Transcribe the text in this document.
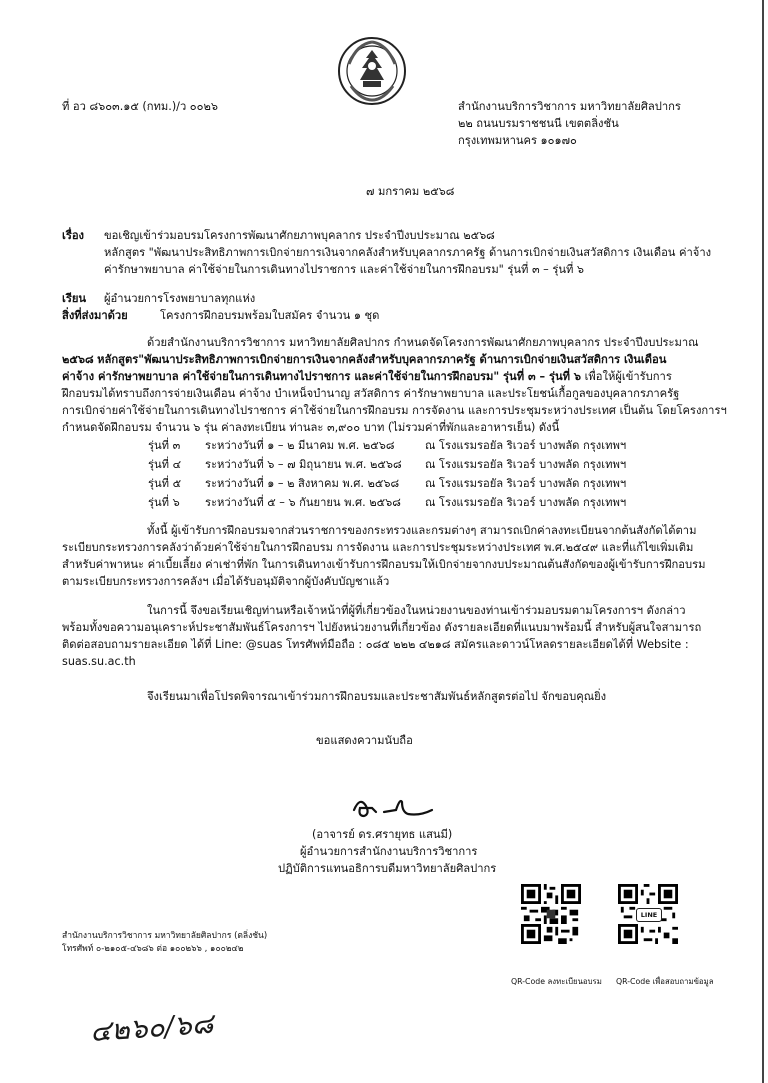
ที่ อว ๘๖๐๓.๑๕ (กทม.)/ว ๐๐๒๖	สำนักงานบริการวิชาการ มหาวิทยาลัยศิลปากร
๒๒ ถนนบรมราชชนนี เขตตลิ่งชัน
กรุงเทพมหานคร ๑๐๑๗๐
๗ มกราคม ๒๕๖๘
เรื่อง ขอเชิญเข้าร่วมอบรมโครงการพัฒนาศักยภาพบุคลากร ประจำปีงบประมาณ ๒๕๖๘
หลักสูตร "พัฒนาประสิทธิภาพการเบิกจ่ายการเงินจากคลังสำหรับบุคลากรภาครัฐ ด้านการเบิกจ่ายเงินสวัสดิการ เงินเดือน ค่าจ้าง
ค่ารักษาพยาบาล ค่าใช้จ่ายในการเดินทางไปราชการ และค่าใช้จ่ายในการฝึกอบรม" รุ่นที่ ๓ – รุ่นที่ ๖
เรียน ผู้อำนวยการโรงพยาบาลทุกแห่ง
สิ่งที่ส่งมาด้วย	โครงการฝึกอบรมพร้อมใบสมัคร จำนวน ๑ ชุด
ด้วยสำนักงานบริการวิชาการ มหาวิทยาลัยศิลปากร กำหนดจัดโครงการพัฒนาศักยภาพบุคลากร ประจำปีงบประมาณ
๒๕๖๘ หลักสูตร"พัฒนาประสิทธิภาพการเบิกจ่ายการเงินจากคลังสำหรับบุคลากรภาครัฐ ด้านการเบิกจ่ายเงินสวัสดิการ เงินเดือน
ค่าจ้าง ค่ารักษาพยาบาล ค่าใช้จ่ายในการเดินทางไปราชการ และค่าใช้จ่ายในการฝึกอบรม" รุ่นที่ ๓ – รุ่นที่ ๖ เพื่อให้ผู้เข้ารับการ
ฝึกอบรมได้ทราบถึงการจ่ายเงินเดือน ค่าจ้าง บำเหน็จบำนาญ สวัสดิการ ค่ารักษาพยาบาล และประโยชน์เกื้อกูลของบุคลากรภาครัฐ
การเบิกจ่ายค่าใช้จ่ายในการเดินทางไปราชการ ค่าใช้จ่ายในการฝึกอบรม การจัดงาน และการประชุมระหว่างประเทศ เป็นต้น โดยโครงการฯ
กำหนดจัดฝึกอบรม จำนวน ๖ รุ่น ค่าลงทะเบียน ท่านละ ๓,๙๐๐ บาท (ไม่รวมค่าที่พักและอาหารเย็น) ดังนี้
รุ่นที่ ๓ ระหว่างวันที่ ๑ – ๒ มีนาคม พ.ศ. ๒๕๖๘	ณ โรงแรมรอยัล ริเวอร์ บางพลัด กรุงเทพฯ
รุ่นที่ ๔ ระหว่างวันที่ ๖ – ๗ มิถุนายน พ.ศ. ๒๕๖๘ ณ โรงแรมรอยัล ริเวอร์ บางพลัด กรุงเทพฯ
รุ่นที่ ๕ ระหว่างวันที่ ๑ – ๒ สิงหาคม พ.ศ. ๒๕๖๘ ณ โรงแรมรอยัล ริเวอร์ บางพลัด กรุงเทพฯ
รุ่นที่ ๖ ระหว่างวันที่ ๕ – ๖ กันยายน พ.ศ. ๒๕๖๘ ณ โรงแรมรอยัล ริเวอร์ บางพลัด กรุงเทพฯ
ทั้งนี้ ผู้เข้ารับการฝึกอบรมจากส่วนราชการของกระทรวงและกรมต่างๆ สามารถเบิกค่าลงทะเบียนจากต้นสังกัดได้ตาม
ระเบียบกระทรวงการคลังว่าด้วยค่าใช้จ่ายในการฝึกอบรม การจัดงาน และการประชุมระหว่างประเทศ พ.ศ.๒๕๔๙ และที่แก้ไขเพิ่มเติม
สำหรับค่าพาหนะ ค่าเบี้ยเลี้ยง ค่าเช่าที่พัก ในการเดินทางเข้ารับการฝึกอบรมให้เบิกจ่ายจากงบประมาณต้นสังกัดของผู้เข้ารับการฝึกอบรม
ตามระเบียบกระทรวงการคลังฯ เมื่อได้รับอนุมัติจากผู้บังคับบัญชาแล้ว
ในการนี้ จึงขอเรียนเชิญท่านหรือเจ้าหน้าที่ผู้ที่เกี่ยวข้องในหน่วยงานของท่านเข้าร่วมอบรมตามโครงการฯ ดังกล่าว
พร้อมทั้งขอความอนุเคราะห์ประชาสัมพันธ์โครงการฯ ไปยังหน่วยงานที่เกี่ยวข้อง ดังรายละเอียดที่แนบมาพร้อมนี้ สำหรับผู้สนใจสามารถ
ติดต่อสอบถามรายละเอียด ได้ที่ Line: @suas โทรศัพท์มือถือ : ๐๘๕ ๒๒๒ ๔๒๑๘ สมัครและดาวน์โหลดรายละเอียดได้ที่ Website :
suas.su.ac.th
จึงเรียนมาเพื่อโปรดพิจารณาเข้าร่วมการฝึกอบรมและประชาสัมพันธ์หลักสูตรต่อไป จักขอบคุณยิ่ง
ขอแสดงความนับถือ
(อาจารย์ ดร.ศรายุทธ แสนมี)
ผู้อำนวยการสำนักงานบริการวิชาการ
ปฏิบัติการแทนอธิการบดีมหาวิทยาลัยศิลปากร
LINE
QR-Code ลงทะเบียนอบรม QR-Code เพื่อสอบถามข้อมูล
สำนักงานบริการวิชาการ มหาวิทยาลัยศิลปากร (ตลิ่งชัน)
โทรศัพท์ ๐-๒๑๐๕-๔๖๘๖ ต่อ ๑๐๐๒๖๖ , ๑๐๐๒๔๒
๔๒๖๐/๖๘
